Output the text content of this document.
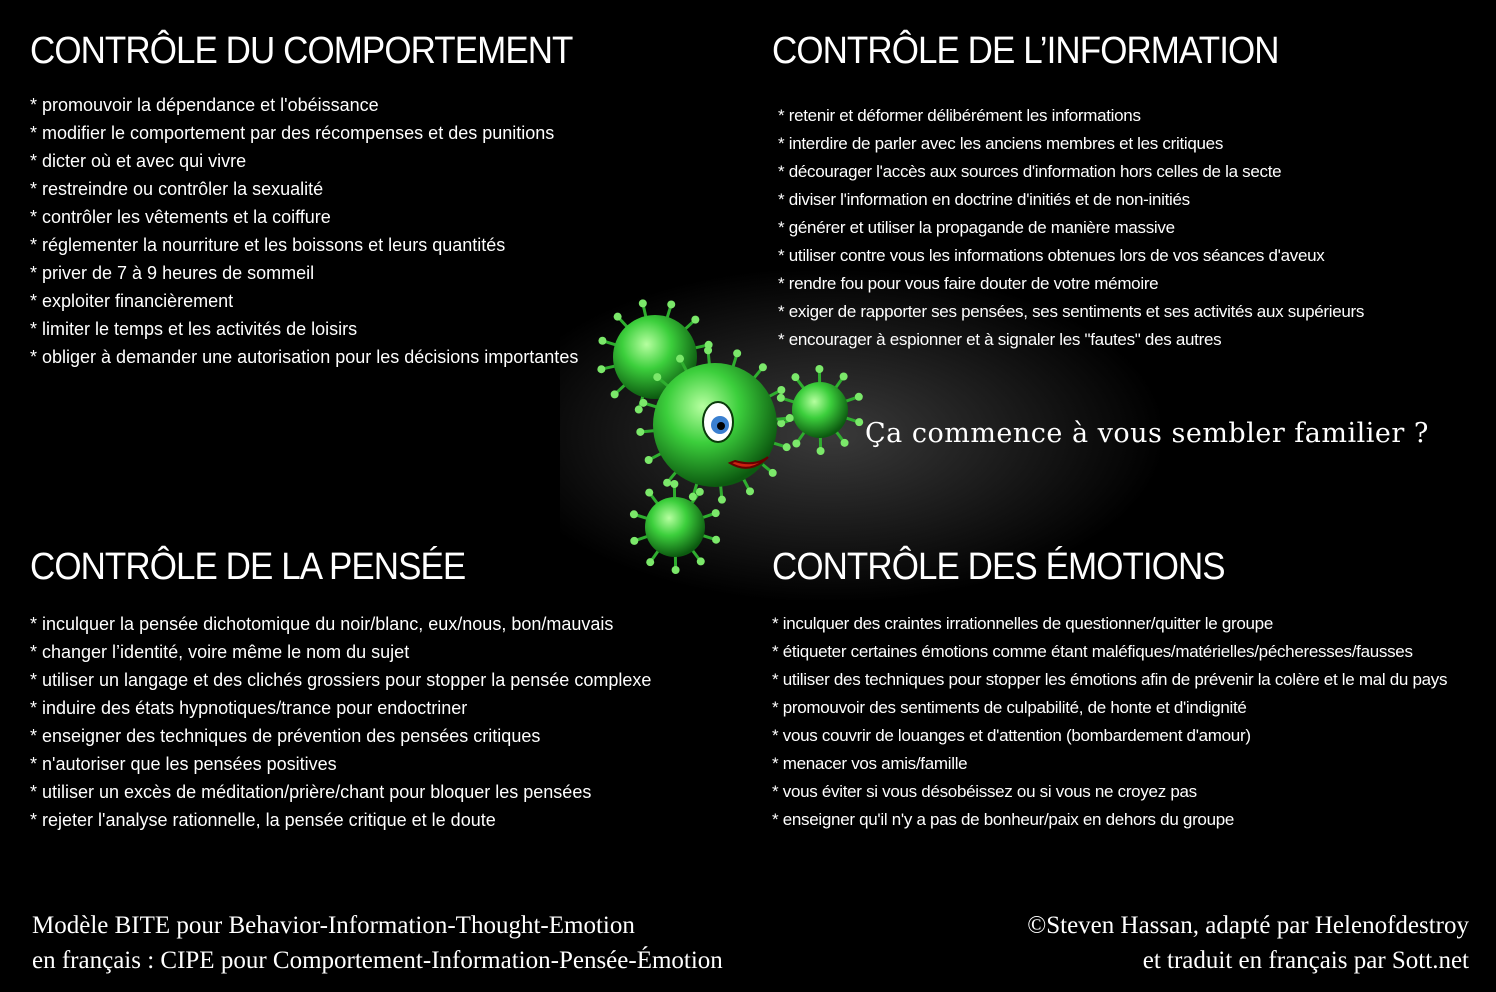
CONTRÔLE DU COMPORTEMENT
* promouvoir la dépendance et l'obéissance
* modifier le comportement par des récompenses et des punitions
* dicter où et avec qui vivre
* restreindre ou contrôler la sexualité
* contrôler les vêtements et la coiffure
* réglementer la nourriture et les boissons et leurs quantités
* priver de 7 à 9 heures de sommeil
* exploiter financièrement
* limiter le temps et les activités de loisirs
* obliger à demander une autorisation pour les décisions importantes
CONTRÔLE DE L’INFORMATION
* retenir et déformer délibérément les informations
* interdire de parler avec les anciens membres et les critiques
* décourager l'accès aux sources d'information hors celles de la secte
* diviser l'information en doctrine d'initiés et de non-initiés
* générer et utiliser la propagande de manière massive
* utiliser contre vous les informations obtenues lors de vos séances d'aveux
* rendre fou pour vous faire douter de votre mémoire
* exiger de rapporter ses pensées, ses sentiments et ses activités aux supérieurs
* encourager à espionner et à signaler les "fautes" des autres
CONTRÔLE DE LA PENSÉE
* inculquer la pensée dichotomique du noir/blanc, eux/nous, bon/mauvais
* changer l’identité, voire même le nom du sujet
* utiliser un langage et des clichés grossiers pour stopper la pensée complexe
* induire des états hypnotiques/trance pour endoctriner
* enseigner des techniques de prévention des pensées critiques
* n'autoriser que les pensées positives
* utiliser un excès de méditation/prière/chant pour bloquer les pensées
* rejeter l'analyse rationnelle, la pensée critique et le doute
CONTRÔLE DES ÉMOTIONS
* inculquer des craintes irrationnelles de questionner/quitter le groupe
* étiqueter certaines émotions comme étant maléfiques/matérielles/pécheresses/fausses
* utiliser des techniques pour stopper les émotions afin de prévenir la colère et le mal du pays
* promouvoir des sentiments de culpabilité, de honte et d'indignité
* vous couvrir de louanges et d'attention (bombardement d'amour)
* menacer vos amis/famille
* vous éviter si vous désobéissez ou si vous ne croyez pas
* enseigner qu'il n'y a pas de bonheur/paix en dehors du groupe
Ça commence à vous sembler familier ?
Modèle BITE pour Behavior-Information-Thought-Emotion
en français : CIPE pour Comportement-Information-Pensée-Émotion
©Steven Hassan, adapté par Helenofdestroy
et traduit en français par Sott.net
